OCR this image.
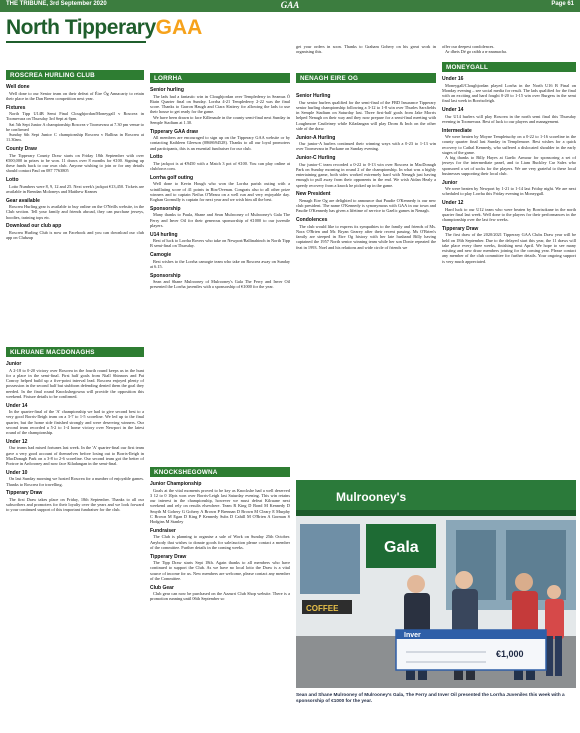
THE TRIBUNE, 3rd September 2020	GAA	Page 61
North TipperaryGAA
ROSCREA HURLING CLUB
Well done

Well done to our Senior team on their defeat of Éire Óg Annacarty to retain their place in the Dan Breen competition next year.

Fixtures

North Tipp U14B Semi Final Cloughjordan/Moneygall v Roscrea in Toomevara on Thursday 3rd Sept at 6pm.

Sat 5th Sept Junior A championship Roscrea v Toomevara at 7.30 pm venue to be confirmed

Sunday 6th Sept Junior C championship Roscrea v Ballina in Roscrea at 11.30am.

County Draw

The Tipperary County Draw starts on Friday 18th September with over €500,000 in prizes to be won. 11 draws over 8 months for €100. Signing up these funds back to our own club. Anyone wishing to join or for any details should contact Paul on 087 7763805

Lotto

Lotto Numbers were 8, 9, 12 and 25. Next week's jackpot €13,450. Tickets are available in Brendan Moloneys and Matthew Keanes

Gear available

Roscrea Hurling gear is available to buy online on the O'Neills website, in the Club section. Tell your family and friends abroad, they can purchase jerseys, hoodies, training tops etc.

Download our club app

Roscrea Hurling Club is now on Facebook and you can download our club app on Clubzap

KILRUANE MACDONAGHS
Junior

A 2-18 to 0-20 victory over Roscrea in the fourth round keeps us in the hunt for a place in the semi-final. First half goals from Niall Shinnors and Pat Conroy helped build up a five-point interval lead. Roscrea enjoyed plenty of possession in the second half but stubborn defending denied them the goal they needed. In the final round Knockshegowna will provide the opposition this weekend. Fixture details to be confirmed.

Under 14

In the quarter-final of the 'A' championship we had to give second best to a very good Borris-Ileigh team on a 3-7 to 1-5 scoreline. We led up to the final quarter, but the home side finished strongly and were deserving winners. Our second team recorded a 5-2 to 1-4 home victory over Newport in the latest round of the championship.

Under 12

Our teams had mixed fortunes last week. In the 'A' quarter-final our first team gave a very good account of themselves before losing out to Borris-Ileigh in MacDonagh Park on a 3-8 to 2-6 scoreline. Our second team got the better of Portroe in Ardcroney and now face Kiladangan in the semi-final.

Under 10

On last Sunday morning we hosted Roscrea for a number of enjoyable games. Thanks to Roscrea for travelling.

Tipperary Draw

The first Draw takes place on Friday, 18th September. Thanks to all our subscribers and promoters for their loyalty over the years and we look forward to your continued support of this important fundraiser for the club.

LORRHA
Senior hurling

The lads had a fantastic win in Cloughjordan over Templederry in Seamus Ó Riain Quarter final on Sunday. Lorrha 4-21 Templederry 2-22 was the final score. Thanks to Garron Haugh and Ciara Slattery for allowing the lads to use their house to get ready for the game.

We have been drawn to face Killenaule in the county semi-final next Sunday in Semple Stadium at 1.30.

Tipperary GAA draw

All members are encouraged to sign up on the Tipperary GAA website or by contacting Kathleen Gleeson (0868694528). Thanks to all our loyal promoters and participants, this is an essential fundraiser for our club.

Lotto

The jackpot is at €9450 with a Match 3 pot of €100. You can play online at clubforce.com.

Lorrha golf outing

Well done to Kevin Hough who won the Lorrha parish outing with a scintillating score of 41 points in Birr/Ovenan. Congrats also to all other prize winners and to captain Neilus O'Meara on a well run and very enjoyable day. Eoghan Gormully is captain for next year and we wish him all the best.

Sponsorship

Many thanks to Paula, Shane and Sean Mulrooney of Mulrooney's Gala The Ferry and Inver Oil for their generous sponsorship of €1000 to our juvenile players.

U14 hurling

Best of luck to Lorrha Rovers who take on Newport/Ballinahinch in North Tipp B semi-final on Thursday.

Camogie

Best wishes to the Lorrha camogie team who take on Roscrea away on Sunday at 6.15.

Sponsorship

Sean and Shane Mulrooney of Mulrooney's Gala The Ferry and Inver Oil presented the Lorrha juveniles with a sponsorship of €1000 for the year.

KNOCKSHEGOWNA
Junior Championship

Goals at the vital moments proved to be key as Knockshe had a well deserved 3 12 to 0 10pts won over Borris-Leigh last Saturday evening. This win retains our interest in the championship, however we must defeat Kilruane next weekend and rely on results elsewhere. Team R King D Bond M Kennedy D Smyth M Gohery G Gohery A Brown P Brennan D Brown M Cleary E Murphy C Brown M Egan D King P Kennedy Subs D Cahill M O'Brien A Gorman S Hodgins M Stanley

Fundraiser

The Club is planning to organise a sale of Work on Sunday 25th October. Anybody that wishes to donate goods for sale/auction please contact a member of the committee. Further details in the coming weeks.

Tipperary Draw

The Tipp Draw starts Sept 18th. Again thanks to all members who have continued to support the Club. As we have no local lotto the Draw is a vital source of income for us. New members are welcome, please contact any member of the Committee.

Club Gear

Club gear can now be purchased on the Azzurri Club Shop website. There is a promotion running until 06th September so

get your orders in soon. Thanks to Graham Gohery on his great work in organising this.

NENAGH EIRE OG
Senior Hurling

Our senior hurlers qualified for the semi-final of the FBD Insurance Tipperary senior hurling championship following a 3-12 to 1-8 win over Thurles Sarsfields in Semple Stadium on Saturday last. Three first-half goals from Jake Morris helped Nenagh on their way and they now prepare for a semi-final meeting with Loughmore Castleiney while Kiladangan will play Drom & Inch on the other side of the draw.

Junior-A Hurling

Our junior-A hurlers continued their winning ways with a 0-23 to 1-13 win over Toomevara in Puckane on Sunday evening.

Junior-C Hurling

Our junior-C team recorded a 0-22 to 0-13 win over Roscrea in MacDonagh Park on Sunday morning in round 2 of the championship. In what was a highly entertaining game, both sides worked extremely hard with Nenagh just having enough to pull away from their opponents in the end. We wish Aidan Healy a speedy recovery from a knock he picked up in the game.

New President

Nenagh Eire Og are delighted to announce that Paudie O'Kennedy is our new club president. The name O'Kennedy is synonymous with GAA in our town and Paudie O'Kennedy has given a lifetime of service to Gaelic games in Nenagh.

Condolences

The club would like to express its sympathies to the family and friends of Ms. Nora O'Brien and Mr. Bryan Gearey after their recent passing. Ms O'Brien's family are steeped in Eire Og history with her late husband Billy having captained the 1957 North senior winning team while her son Donie repeated the feat in 1993. Noel and his relations and wide circle of friends we

offer our deepest condolences.

Ar dheis Dé go raibh a n-anamacha.

MONEYGALL
Under 16

Moneygall/Cloughjordan played Lorrha in the North U16 B Final on Monday evening – see social media for result. The lads qualified for the final with an exciting and hard fought 0-20 to 1-15 win over Burgess in the semi final last week in Borrisoleigh.

Under 14

Our U14 hurlers will play Roscrea in the north semi final this Thursday evening in Toomevara. Best of luck to our players and management.

Intermediate

We were beaten by Moyne Templetuohy on a 0-22 to 1-16 scoreline in the county quarter final last Sunday in Templemore. Best wishes for a quick recovery to Cathal Kennedy, who suffered a dislocated shoulder in the early stages of the game.

A big thanks to Billy Hayes at Gaelic Armour for sponsoring a set of jerseys for the intermediate panel, and to Liam Buckley Car Sales who sponsored a set of socks for the players. We are very grateful to these local businesses supporting their local club.

Junior

We were beaten by Newport by 1-21 to 1-14 last Friday night. We are next scheduled to play Lorrha this Friday evening in Moneygall.

Under 12

Hard luck to our U12 team who were beaten by Borrisokane in the north quarter final last week. Well done to the players for their performances in the championship over the last few weeks.

Tipperary Draw

The first draw of the 2020/2021 Tipperary GAA Clubs Draw year will be held on 18th September. Due to the delayed start this year, the 11 draws will take place every three weeks, finishing next April. We hope to see many existing and new draw members joining for the coming year. Please contact any member of the club committee for further details. Your ongoing support is very much appreciated.

Mulrooney's
Gala
COFFEE
Inver
€1,000
Sean and Shane Mulrooney of Mulrooney's Gala, The Ferry and Inver Oil presented the Lorrha Juveniles this week with a sponsorship of €1000 for the year.
